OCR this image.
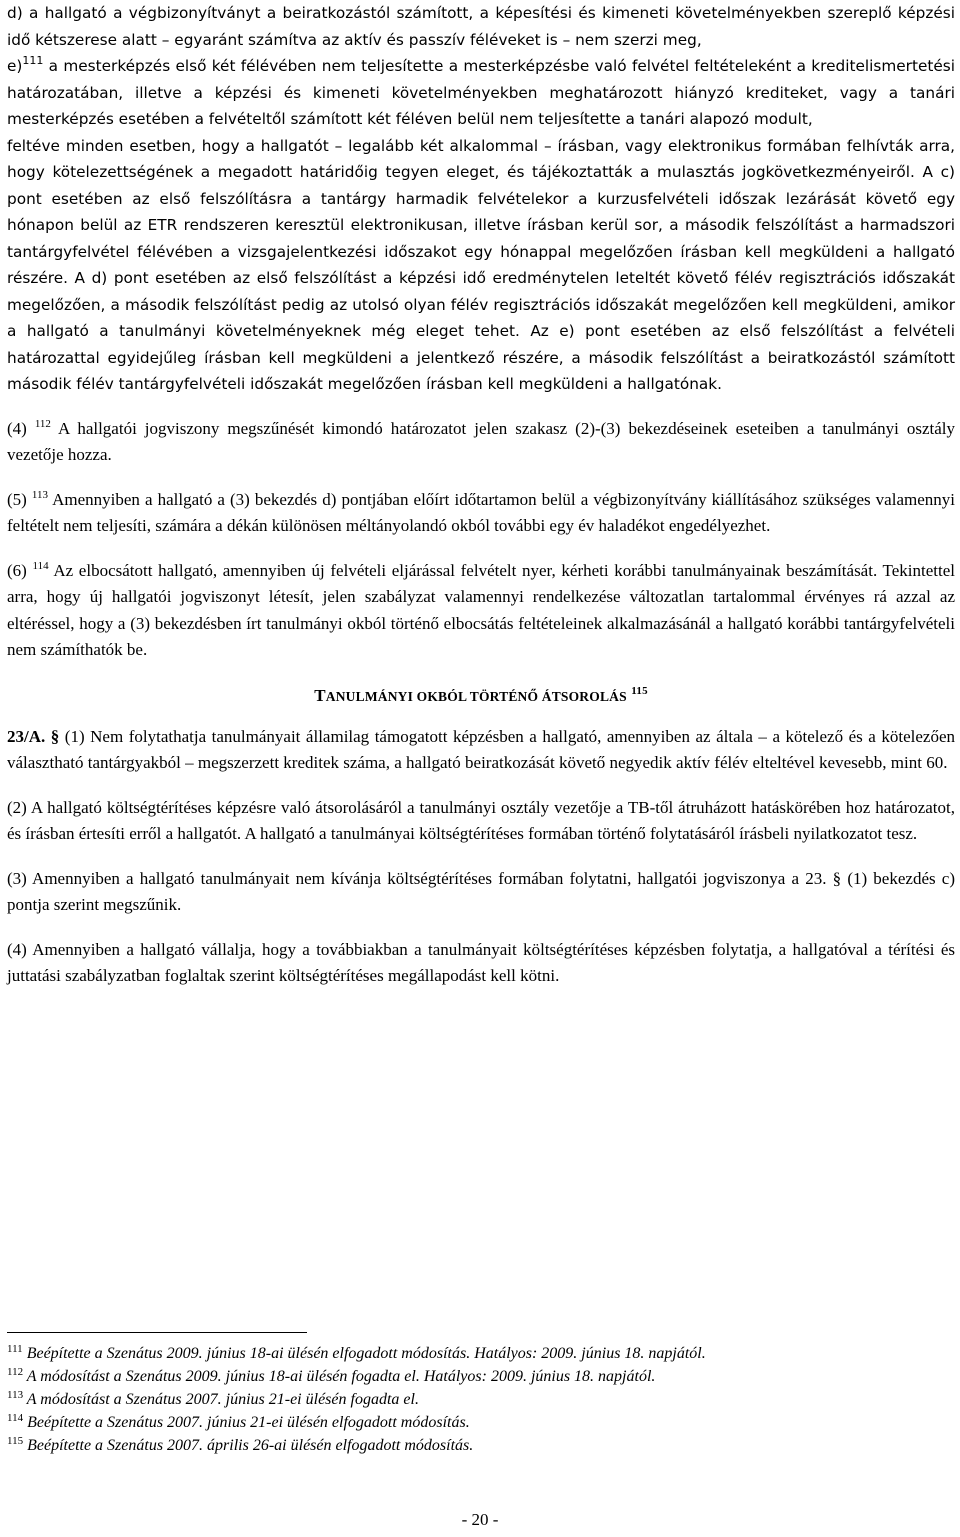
d) a hallgató a végbizonyítványt a beiratkozástól számított, a képesítési és kimeneti követelményekben szereplő képzési idő kétszerese alatt – egyaránt számítva az aktív és passzív féléveket is – nem szerzi meg,

e)$^{111}$ a mesterképzés első két félévében nem teljesítette a mesterképzésbe való felvétel feltételeként a kreditelismertetési határozatában, illetve a képzési és kimeneti követelményekben meghatározott hiányzó krediteket, vagy a tanári mesterképzés esetében a felvételtől számított két féléven belül nem teljesítette a tanári alapozó modult,

feltéve minden esetben, hogy a hallgatót – legalább két alkalommal – írásban, vagy elektronikus formában felhívták arra, hogy kötelezettségének a megadott határidőig tegyen eleget, és tájékoztatták a mulasztás jogkövetkezményeiről. A c) pont esetében az első felszólításra a tantárgy harmadik felvételekor a kurzusfelvételi időszak lezárását követő egy hónapon belül az ETR rendszeren keresztül elektronikusan, illetve írásban kerül sor, a második felszólítást a harmadszori tantárgyfelvétel félévében a vizsgajelentkezési időszakot egy hónappal megelőzően írásban kell megküldeni a hallgató részére. A d) pont esetében az első felszólítást a képzési idő eredménytelen leteltét követő félév regisztrációs időszakát megelőzően, a második felszólítást pedig az utolsó olyan félév regisztrációs időszakát megelőzően kell megküldeni, amikor a hallgató a tanulmányi követelményeknek még eleget tehet. Az e) pont esetében az első felszólítást a felvételi határozattal egyidejűleg írásban kell megküldeni a jelentkező részére, a második felszólítást a beiratkozástól számított második félév tantárgyfelvételi időszakát megelőzően írásban kell megküldeni a hallgatónak.

(4) $^{112}$ A hallgatói jogviszony megszűnését kimondó határozatot jelen szakasz (2)-(3) bekezdéseinek eseteiben a tanulmányi osztály vezetője hozza.

(5) $^{113}$ Amennyiben a hallgató a (3) bekezdés d) pontjában előírt időtartamon belül a végbizonyítvány kiállításához szükséges valamennyi feltételt nem teljesíti, számára a dékán különösen méltányolandó okból további egy év haladékot engedélyezhet.

(6) $^{114}$ Az elbocsátott hallgató, amennyiben új felvételi eljárással felvételt nyer, kérheti korábbi tanulmányainak beszámítását. Tekintettel arra, hogy új hallgatói jogviszonyt létesít, jelen szabályzat valamennyi rendelkezése változatlan tartalommal érvényes rá azzal az eltéréssel, hogy a (3) bekezdésben írt tanulmányi okból történő elbocsátás feltételeinek alkalmazásánál a hallgató korábbi tantárgyfelvételi nem számíthatók be.

TANULMÁNYI OKBÓL TÖRTÉNŐ ÁTSOROLÁS $^{115}$

23/A. § (1) Nem folytathatja tanulmányait államilag támogatott képzésben a hallgató, amennyiben az általa – a kötelező és a kötelezően választható tantárgyakból – megszerzett kreditek száma, a hallgató beiratkozását követő negyedik aktív félév elteltével kevesebb, mint 60.

(2) A hallgató költségtérítéses képzésre való átsorolásáról a tanulmányi osztály vezetője a TB-től átruházott hatáskörében hoz határozatot, és írásban értesíti erről a hallgatót. A hallgató a tanulmányai költségtérítéses formában történő folytatásáról írásbeli nyilatkozatot tesz.

(3) Amennyiben a hallgató tanulmányait nem kívánja költségtérítéses formában folytatni, hallgatói jogviszonya a 23. § (1) bekezdés c) pontja szerint megszűnik.

(4) Amennyiben a hallgató vállalja, hogy a továbbiakban a tanulmányait költségtérítéses képzésben folytatja, a hallgatóval a térítési és juttatási szabályzatban foglaltak szerint költségtérítéses megállapodást kell kötni.

$^{111}$ Beépítette a Szenátus 2009. június 18-ai ülésén elfogadott módosítás. Hatályos: 2009. június 18. napjától.
$^{112}$ A módosítást a Szenátus 2009. június 18-ai ülésén fogadta el. Hatályos: 2009. június 18. napjától.
$^{113}$ A módosítást a Szenátus 2007. június 21-ei ülésén fogadta el.
$^{114}$ Beépítette a Szenátus 2007. június 21-ei ülésén elfogadott módosítás.
$^{115}$ Beépítette a Szenátus 2007. április 26-ai ülésén elfogadott módosítás.
- 20 -
